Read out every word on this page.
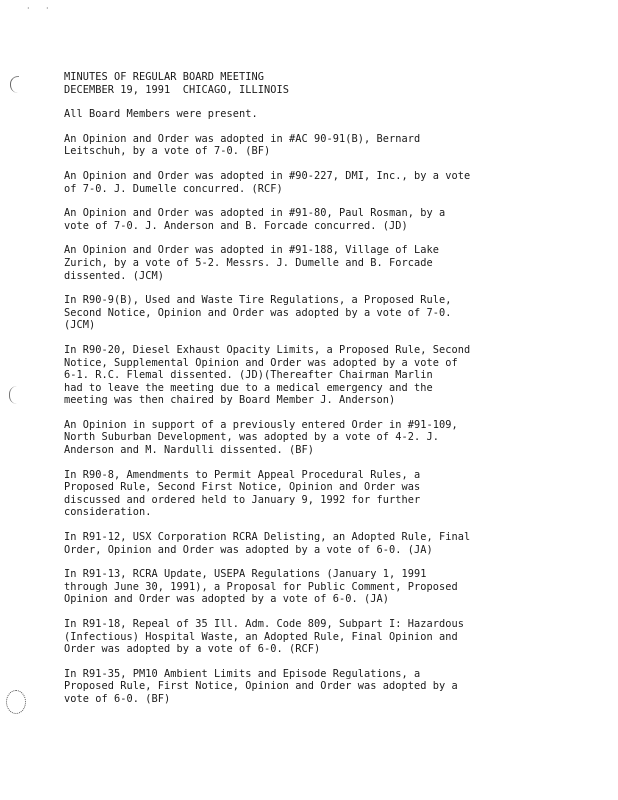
· ·

MINUTES OF REGULAR BOARD MEETING

DECEMBER 19, 1991  CHICAGO, ILLINOIS

All Board Members were present.

An Opinion and Order was adopted in #AC 90-91(B), Bernard
Leitschuh, by a vote of 7-0. (BF)

An Opinion and Order was adopted in #90-227, DMI, Inc., by a vote
of 7-0. J. Dumelle concurred. (RCF)

An Opinion and Order was adopted in #91-80, Paul Rosman, by a
vote of 7-0. J. Anderson and B. Forcade concurred. (JD)

An Opinion and Order was adopted in #91-188, Village of Lake
Zurich, by a vote of 5-2. Messrs. J. Dumelle and B. Forcade
dissented. (JCM)

In R90-9(B), Used and Waste Tire Regulations, a Proposed Rule,
Second Notice, Opinion and Order was adopted by a vote of 7-0.
(JCM)

In R90-20, Diesel Exhaust Opacity Limits, a Proposed Rule, Second
Notice, Supplemental Opinion and Order was adopted by a vote of
6-1. R.C. Flemal dissented. (JD)(Thereafter Chairman Marlin
had to leave the meeting due to a medical emergency and the
meeting was then chaired by Board Member J. Anderson)

An Opinion in support of a previously entered Order in #91-109,
North Suburban Development, was adopted by a vote of 4-2. J.
Anderson and M. Nardulli dissented. (BF)

In R90-8, Amendments to Permit Appeal Procedural Rules, a
Proposed Rule, Second First Notice, Opinion and Order was
discussed and ordered held to January 9, 1992 for further
consideration.

In R91-12, USX Corporation RCRA Delisting, an Adopted Rule, Final
Order, Opinion and Order was adopted by a vote of 6-0. (JA)

In R91-13, RCRA Update, USEPA Regulations (January 1, 1991
through June 30, 1991), a Proposal for Public Comment, Proposed
Opinion and Order was adopted by a vote of 6-0. (JA)

In R91-18, Repeal of 35 Ill. Adm. Code 809, Subpart I: Hazardous
(Infectious) Hospital Waste, an Adopted Rule, Final Opinion and
Order was adopted by a vote of 6-0. (RCF)

In R91-35, PM10 Ambient Limits and Episode Regulations, a
Proposed Rule, First Notice, Opinion and Order was adopted by a
vote of 6-0. (BF)
